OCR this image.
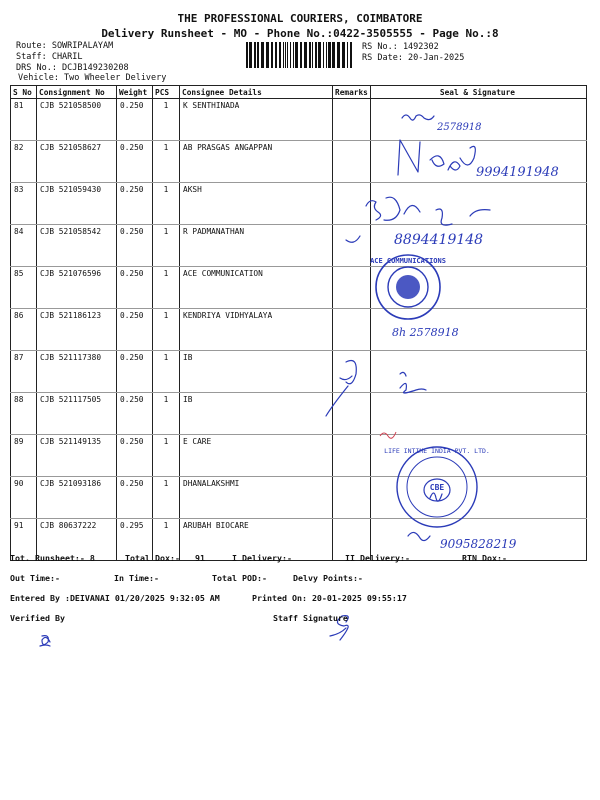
THE PROFESSIONAL COURIERS, COIMBATORE
Delivery Runsheet - MO - Phone No.:0422-3505555 - Page No.:8
Route: SOWRIPALAYAM
Staff: CHARIL
DRS No.: DCJB149230208
Vehicle: Two Wheeler Delivery
RS No.: 1492302
RS Date: 20-Jan-2025
S No	Consignment No	Weight	PCS	Consignee Details	Remarks	Seal & Signature
81	CJB 521058500	0.250	1	K SENTHINADA		
82	CJB 521058627	0.250	1	AB PRASGAS ANGAPPAN		
83	CJB 521059430	0.250	1	AKSH		
84	CJB 521058542	0.250	1	R PADMANATHAN		
85	CJB 521076596	0.250	1	ACE COMMUNICATION		
86	CJB 521186123	0.250	1	KENDRIYA VIDHYALAYA		
87	CJB 521117380	0.250	1	IB		
88	CJB 521117505	0.250	1	IB		
89	CJB 521149135	0.250	1	E CARE		
90	CJB 521093186	0.250	1	DHANALAKSHMI		
91	CJB 80637222	0.295	1	ARUBAH BIOCARE		
2578918
9994191948
8894419148
ACE COMMUNICATIONS
8h 2578918
CBE
LIFE INTIME INDIA PVT. LTD.
9095828219
Tot. Runsheet:- 8	Total Dox:- 91	I Delivery:-	II Delivery:-	RTN Dox:-
Out Time:-	In Time:-	Total POD:-	Delvy Points:-
Entered By :DEIVANAI 01/20/2025 9:32:05 AM	Printed On: 20-01-2025 09:55:17
Verified By	Staff Signature
